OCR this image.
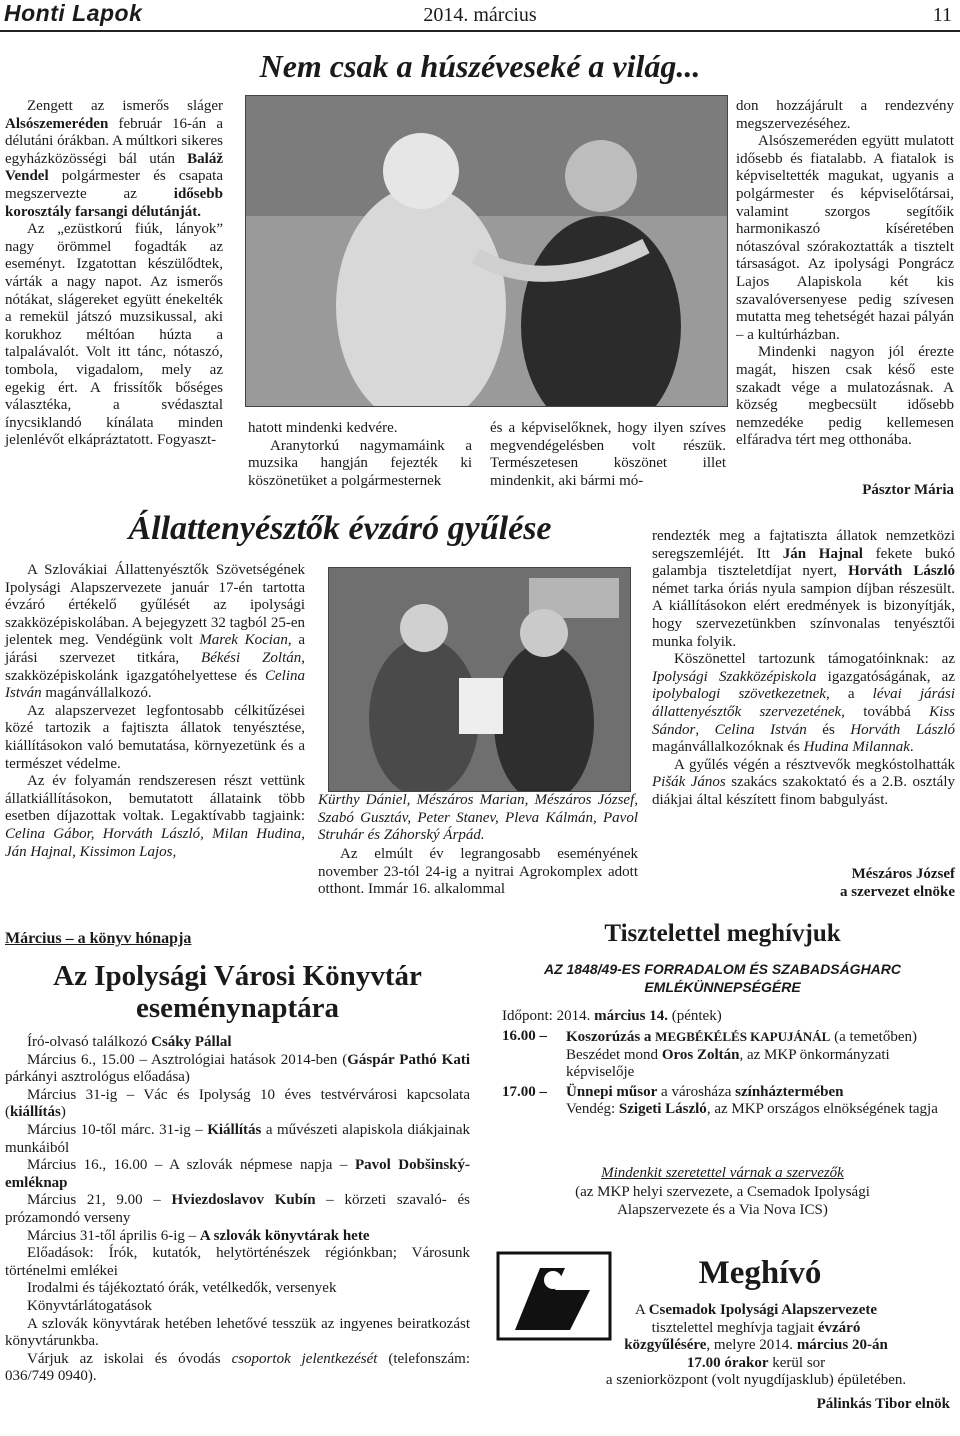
Honti Lapok	2014. március	11
Nem csak a húszéveseké a világ...

Zengett az ismerős sláger Alsószemeréden február 16-án a délutáni órákban. A múltkori sikeres egyházközösségi bál után Baláž Vendel polgármester és csapata megszervezte az idősebb korosztály farsangi délutánját.

Az „ezüstkorú fiúk, lányok” nagy örömmel fogadták az eseményt. Izgatottan készülődtek, várták a nagy napot. Az ismerős nótákat, slágereket együtt énekelték a remekül játszó muzsikussal, aki korukhoz méltóan húzta a talpalávalót. Volt itt tánc, nótaszó, tombola, vigadalom, mely az egekig ért. A frissítők bőséges választéka, a svédasztal ínycsiklandó kínálata minden jelenlévőt elkápráztatott. Fogyaszt-

hatott mindenki kedvére.

Aranytorkú nagymamáink a muzsika hangján fejezték ki köszönetüket a polgármesternek

és a képviselőknek, hogy ilyen szíves megvendégelésben volt részük. Természetesen köszönet illet mindenkit, aki bármi mó-

don hozzájárult a rendezvény megszervezéséhez.

Alsószemeréden együtt mulatott idősebb és fiatalabb. A fiatalok is képviseltették magukat, ugyanis a polgármester és képviselőtársai, valamint szorgos segítőik harmonikaszó kíséretében nótaszóval szórakoztatták a tisztelt társaságot. Az ipolysági Pongrácz Lajos Alapiskola két kis szavalóversenyese pedig szívesen mutatta meg tehetségét hazai pályán – a kultúrházban.

Mindenki nagyon jól érezte magát, hiszen csak késő este szakadt vége a mulatozásnak. A község megbecsült idősebb nemzedéke pedig kellemesen elfáradva tért meg otthonába.

Pásztor Mária
Állattenyésztők évzáró gyűlése

A Szlovákiai Állattenyésztők Szövetségének Ipolysági Alapszervezete január 17-én tartotta évzáró értékelő gyűlését az ipolysági szakközépiskolában. A bejegyzett 32 tagból 25-en jelentek meg. Vendégünk volt Marek Kocian, a járási szervezet titkára, Békési Zoltán, szakközépiskolánk igazgatóhelyettese és Celina István magánvállalkozó.

Az alapszervezet legfontosabb célkitűzései közé tartozik a fajtiszta állatok tenyésztése, kiállításokon való bemutatása, környezetünk és a természet védelme.

Az év folyamán rendszeresen részt vettünk állatkiállításokon, bemutatott állataink több esetben díjazottak voltak. Legaktívabb tagjaink: Celina Gábor, Horváth László, Milan Hudina, Ján Hajnal, Kissimon Lajos,

Kürthy Dániel, Mészáros Marian, Mészáros József, Szabó Gusztáv, Peter Stanev, Pleva Kálmán, Pavol Struhár és Záhorský Árpád.

Az elmúlt év legrangosabb eseményének november 23-tól 24-ig a nyitrai Agrokomplex adott otthont. Immár 16. alkalommal

rendezték meg a fajtatiszta állatok nemzetközi seregszemléjét. Itt Ján Hajnal fekete bukó galambja tiszteletdíjat nyert, Horváth László német tarka óriás nyula sampion díjban részesült. A kiállításokon elért eredmények is bizonyítják, hogy szervezetünkben színvonalas tenyésztői munka folyik.

Köszönettel tartozunk támogatóinknak: az Ipolysági Szakközépiskola igazgatóságának, az ipolybalogi szövetkezetnek, a lévai járási állattenyésztők szervezetének, továbbá Kiss Sándor, Celina István és Horváth László magánvállalkozóknak és Hudina Milannak.

A gyűlés végén a résztvevők megkóstolhatták Pišák János szakács szakoktató és a 2.B. osztály diákjai által készített finom babgulyást.

Mészáros József
a szervezet elnöke
Március – a könyv hónapja
Az Ipolysági Városi Könyvtár eseménynaptára

Író-olvasó találkozó Csáky Pállal

Március 6., 15.00 – Asztrológiai hatások 2014-ben (Gáspár Pathó Kati párkányi asztrológus előadása)

Március 31-ig – Vác és Ipolyság 10 éves testvérvárosi kapcsolata (kiállítás)

Március 10-től márc. 31-ig – Kiállítás a művészeti alapiskola diákjainak munkáiból

Március 16., 16.00 – A szlovák népmese napja – Pavol Dobšinský-emléknap

Március 21, 9.00 – Hviezdoslavov Kubín – körzeti szavaló- és prózamondó verseny

Március 31-től április 6-ig – A szlovák könyvtárak hete

Előadások: Írók, kutatók, helytörténészek régiónkban; Városunk történelmi emlékei

Irodalmi és tájékoztató órák, vetélkedők, versenyek

Könyvtárlátogatások

A szlovák könyvtárak hetében lehetővé tesszük az ingyenes beiratkozást könyvtárunkba.

Várjuk az iskolai és óvodás csoportok jelentkezését (telefonszám: 036/749 0940).

Tisztelettel meghívjuk
AZ 1848/49-ES FORRADALOM ÉS SZABADSÁGHARC EMLÉKÜNNEPSÉGÉRE
Időpont: 2014. március 14. (péntek)
16.00 –	Koszorúzás a MEGBÉKÉLÉS KAPUJÁNÁL (a temetőben)
Beszédet mond Oros Zoltán, az MKP önkormányzati képviselője
17.00 –	Ünnepi műsor a városháza színháztermében
Vendég: Szigeti László, az MKP országos elnökségének tagja
Mindenkit szeretettel várnak a szervezők
(az MKP helyi szervezete, a Csemadok Ipolysági Alapszervezete és a Via Nova ICS)
Meghívó
A Csemadok Ipolysági Alapszervezete
tisztelettel meghívja tagjait évzáró
közgyűlésére, melyre 2014. március 20-án
17.00 órakor kerül sor
a szeniorközpont (volt nyugdíjasklub) épületében.
Pálinkás Tibor elnök
